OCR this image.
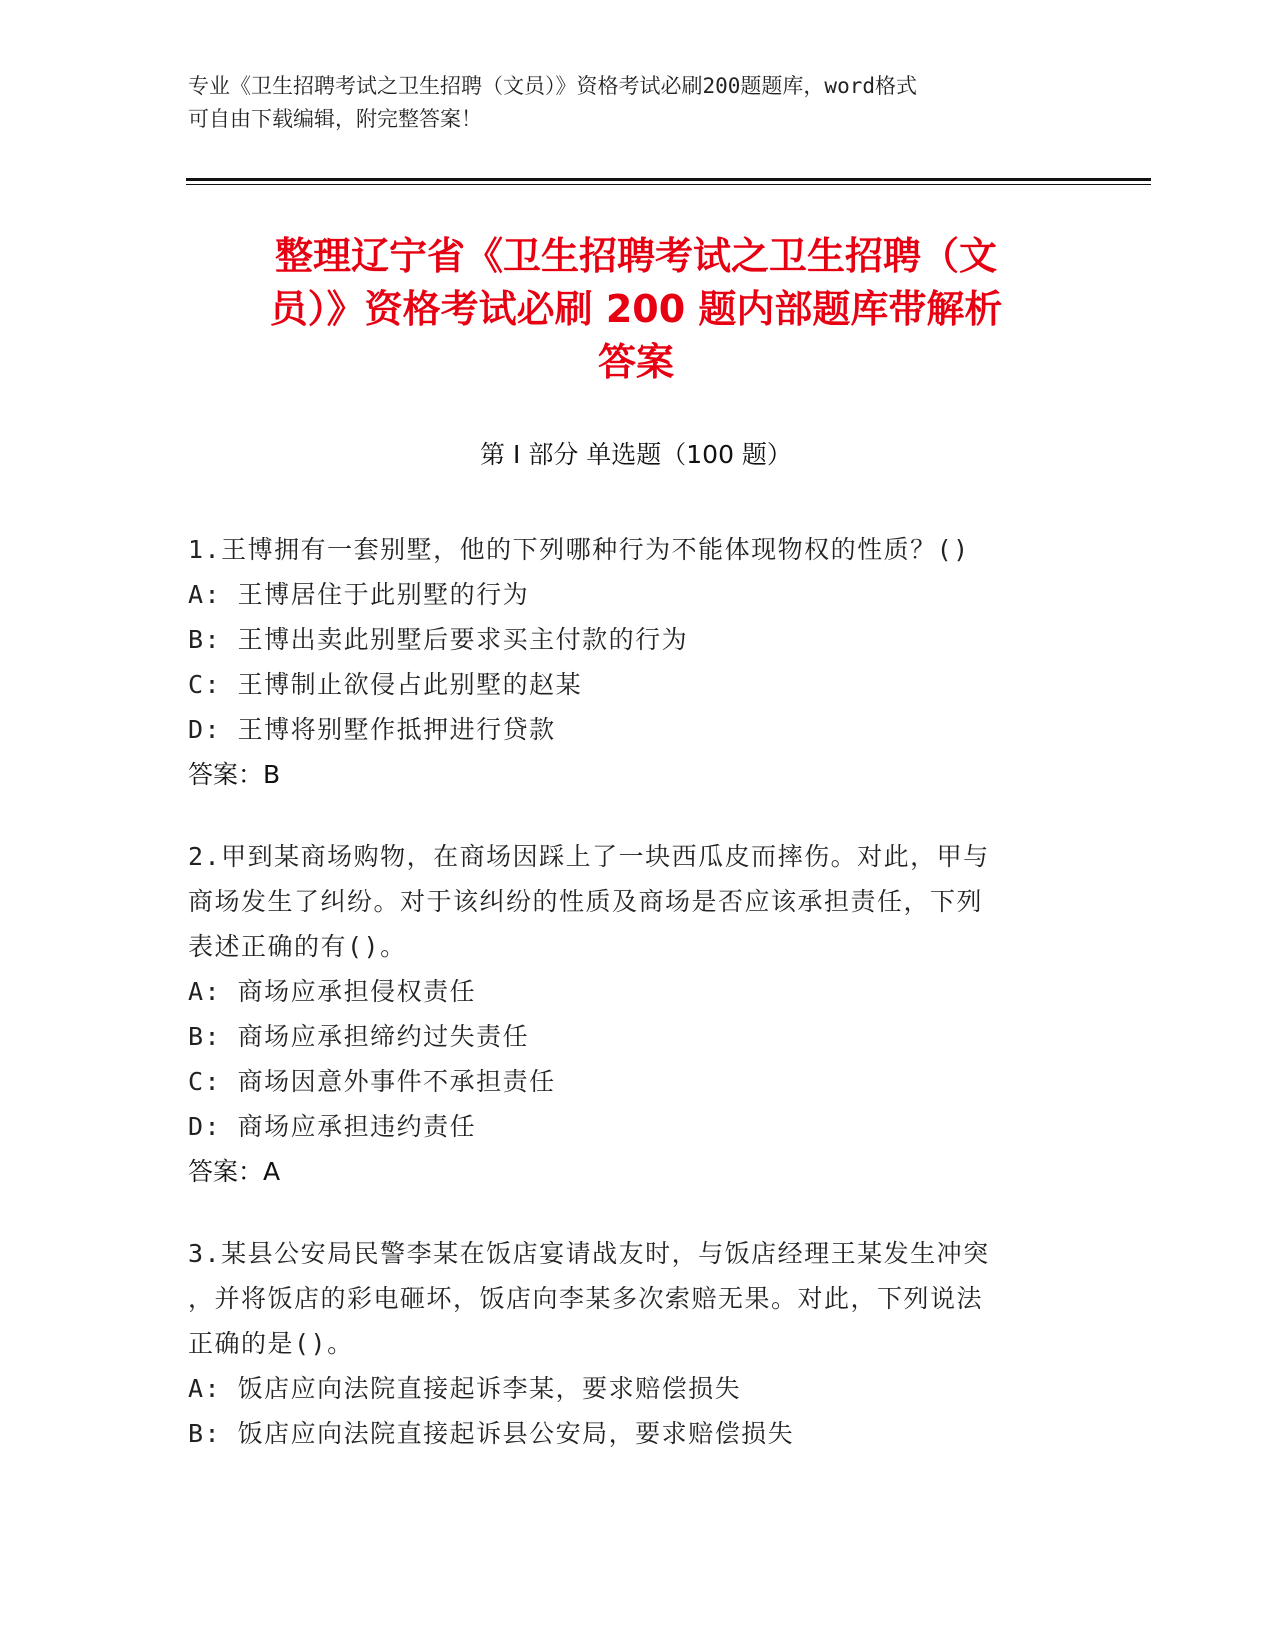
专业《卫生招聘考试之卫生招聘（文员）》资格考试必刷200题题库，word格式
可自由下载编辑，附完整答案！
整理辽宁省《卫生招聘考试之卫生招聘（文
员）》资格考试必刷 200 题内部题库带解析
答案
第 I 部分 单选题（100 题）
1.王博拥有一套别墅，他的下列哪种行为不能体现物权的性质？()
A: 王博居住于此别墅的行为
B: 王博出卖此别墅后要求买主付款的行为
C: 王博制止欲侵占此别墅的赵某
D: 王博将别墅作抵押进行贷款
答案：B
2.甲到某商场购物，在商场因踩上了一块西瓜皮而摔伤。对此，甲与
商场发生了纠纷。对于该纠纷的性质及商场是否应该承担责任，下列
表述正确的有()。
A: 商场应承担侵权责任
B: 商场应承担缔约过失责任
C: 商场因意外事件不承担责任
D: 商场应承担违约责任
答案：A
3.某县公安局民警李某在饭店宴请战友时，与饭店经理王某发生冲突
，并将饭店的彩电砸坏，饭店向李某多次索赔无果。对此，下列说法
正确的是()。
A: 饭店应向法院直接起诉李某，要求赔偿损失
B: 饭店应向法院直接起诉县公安局，要求赔偿损失
